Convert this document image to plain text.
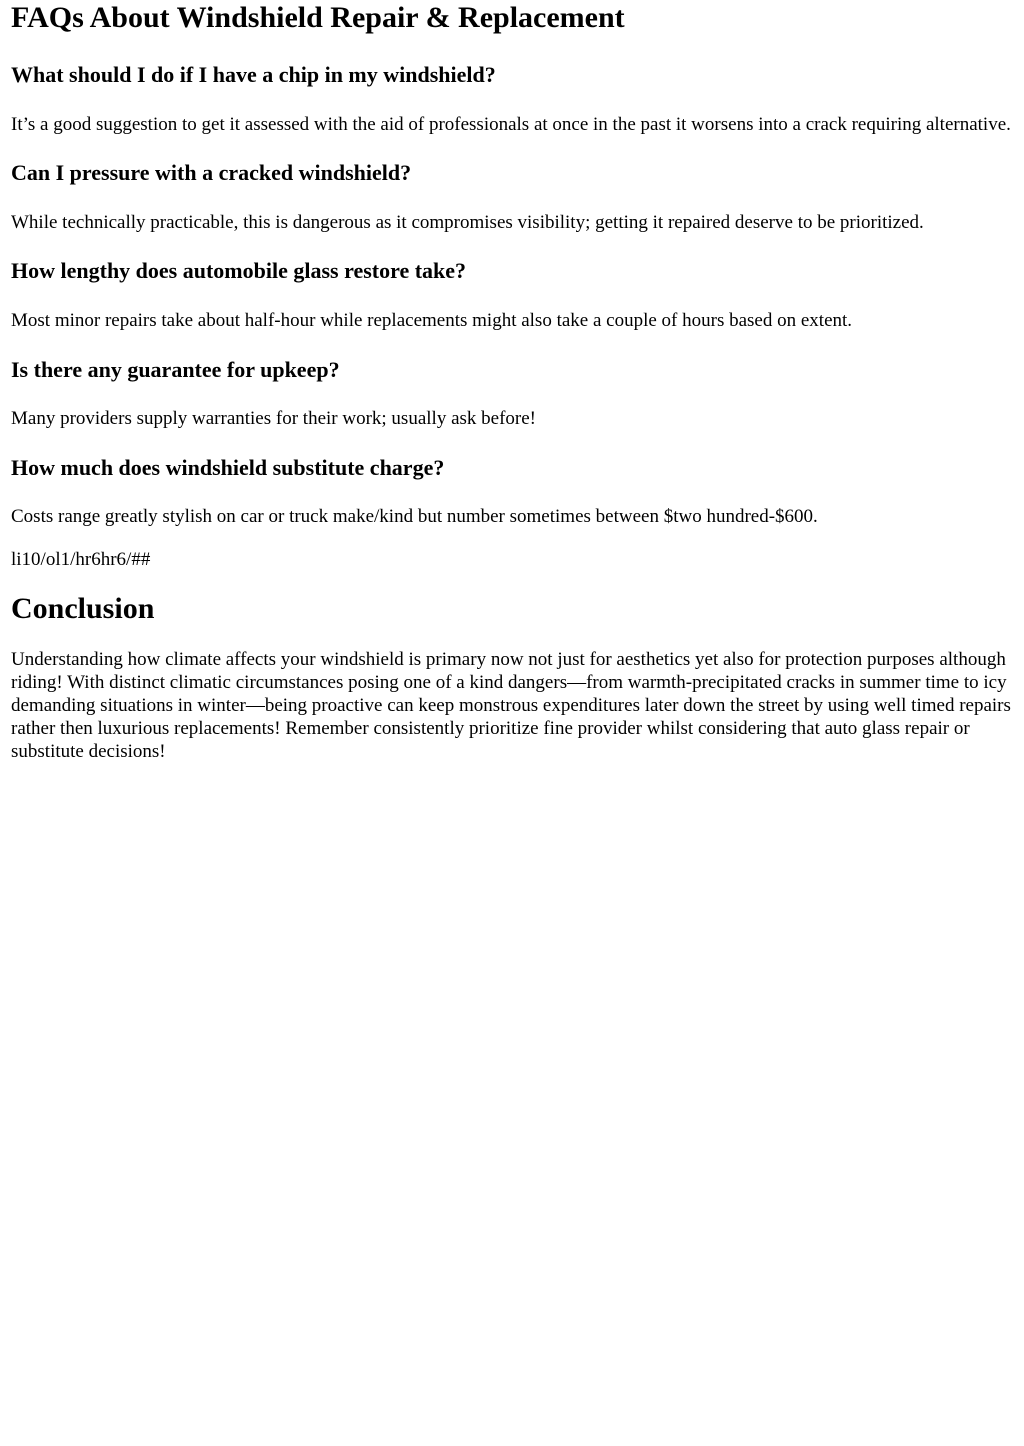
FAQs About Windshield Repair & Replacement
What should I do if I have a chip in my windshield?

It’s a good suggestion to get it assessed with the aid of professionals at once in the past it worsens into a crack requiring alternative.

Can I pressure with a cracked windshield?

While technically practicable, this is dangerous as it compromises visibility; getting it repaired deserve to be prioritized.

How lengthy does automobile glass restore take?

Most minor repairs take about half-hour while replacements might also take a couple of hours based on extent.

Is there any guarantee for upkeep?

Many providers supply warranties for their work; usually ask before!

How much does windshield substitute charge?

Costs range greatly stylish on car or truck make/kind but number sometimes between $two hundred-$600.

li10/ol1/hr6hr6/##

Conclusion

Understanding how climate affects your windshield is primary now not just for aesthetics yet also for protection purposes although riding! With distinct climatic circumstances posing one of a kind dangers—from warmth-precipitated cracks in summer time to icy demanding situations in winter—being proactive can keep monstrous expenditures later down the street by using well timed repairs rather then luxurious replacements! Remember consistently prioritize fine provider whilst considering that auto glass repair or substitute decisions!
